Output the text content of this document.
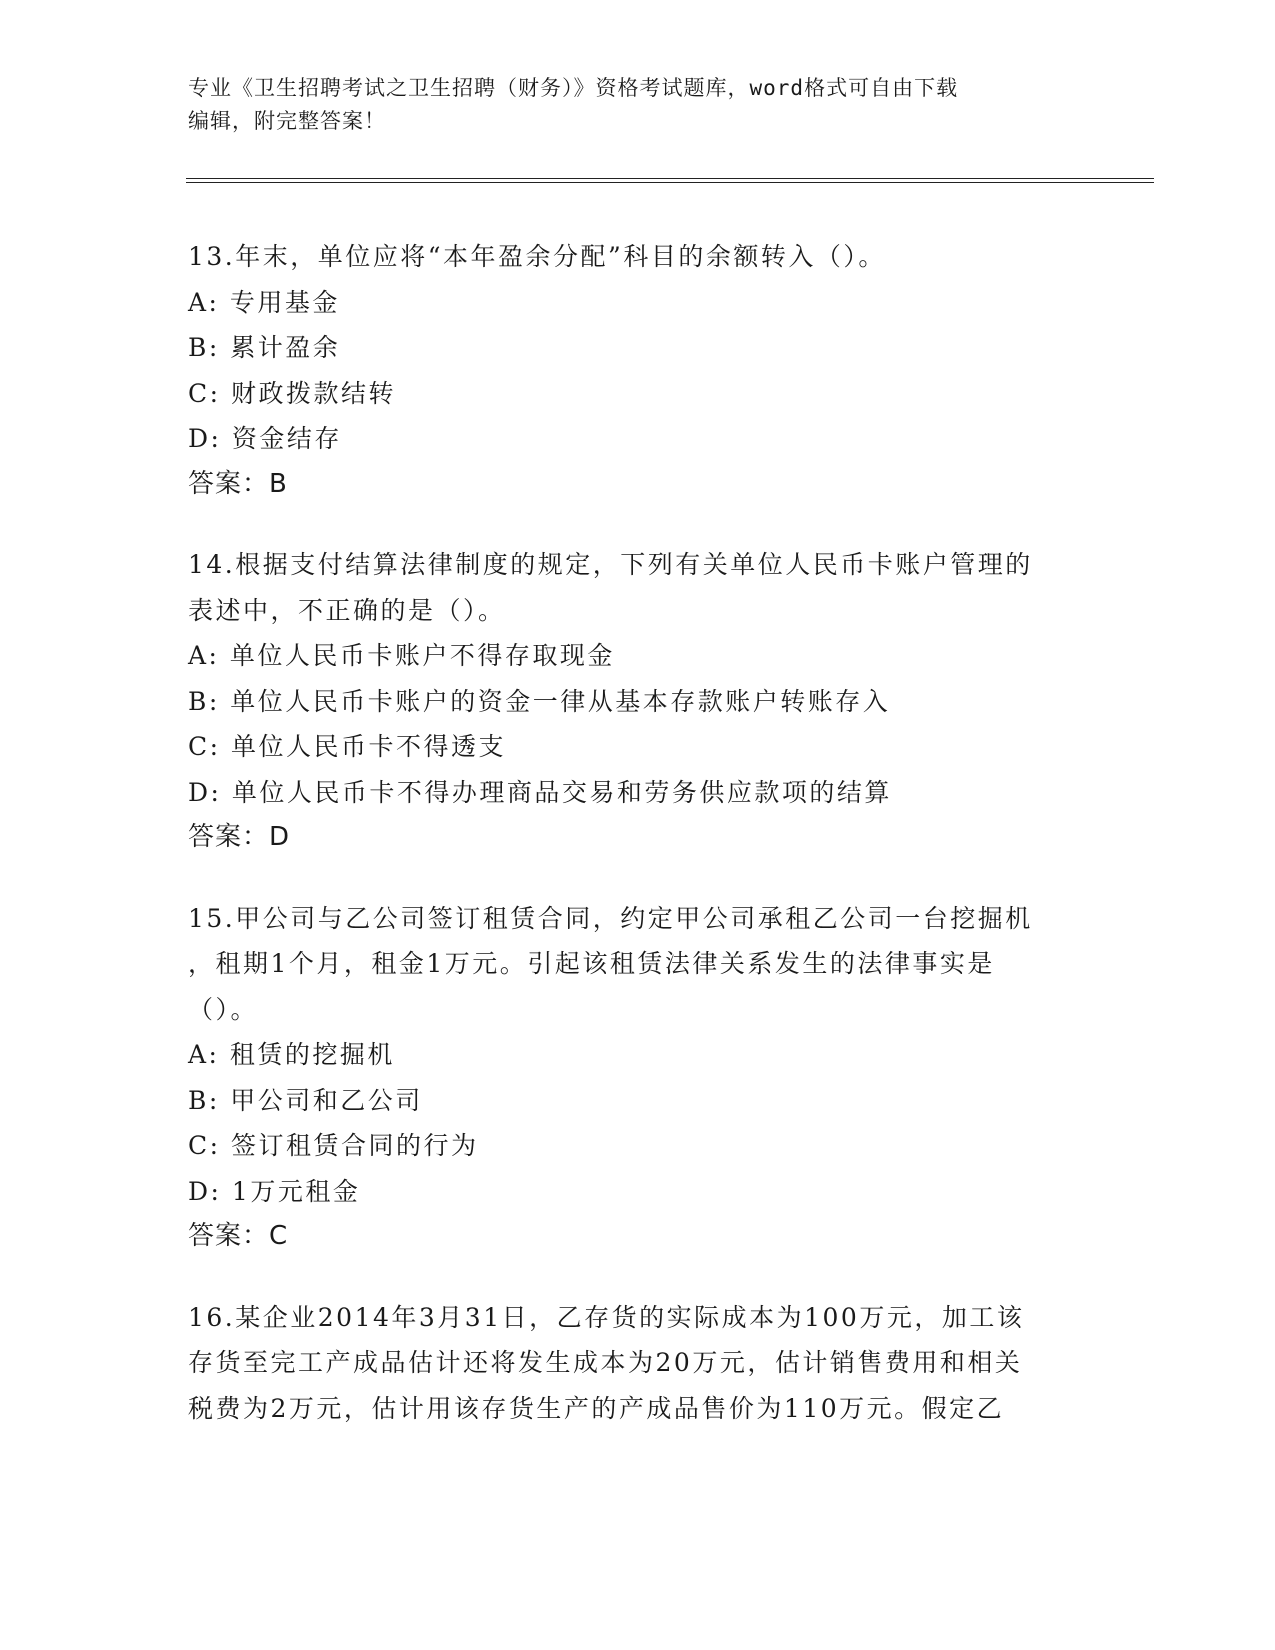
专业《卫生招聘考试之卫生招聘（财务）》资格考试题库，word格式可自由下载
编辑，附完整答案！

13.年末，单位应将“本年盈余分配”科目的余额转入（）。

A: 专用基金

B: 累计盈余

C: 财政拨款结转

D: 资金结存

答案：B

14.根据支付结算法律制度的规定，下列有关单位人民币卡账户管理的

表述中，不正确的是（）。

A: 单位人民币卡账户不得存取现金

B: 单位人民币卡账户的资金一律从基本存款账户转账存入

C: 单位人民币卡不得透支

D: 单位人民币卡不得办理商品交易和劳务供应款项的结算

答案：D

15.甲公司与乙公司签订租赁合同，约定甲公司承租乙公司一台挖掘机

，租期1个月，租金1万元。引起该租赁法律关系发生的法律事实是

（）。

A: 租赁的挖掘机

B: 甲公司和乙公司

C: 签订租赁合同的行为

D: 1万元租金

答案：C

16.某企业2014年3月31日，乙存货的实际成本为100万元，加工该

存货至完工产成品估计还将发生成本为20万元，估计销售费用和相关

税费为2万元，估计用该存货生产的产成品售价为110万元。假定乙
